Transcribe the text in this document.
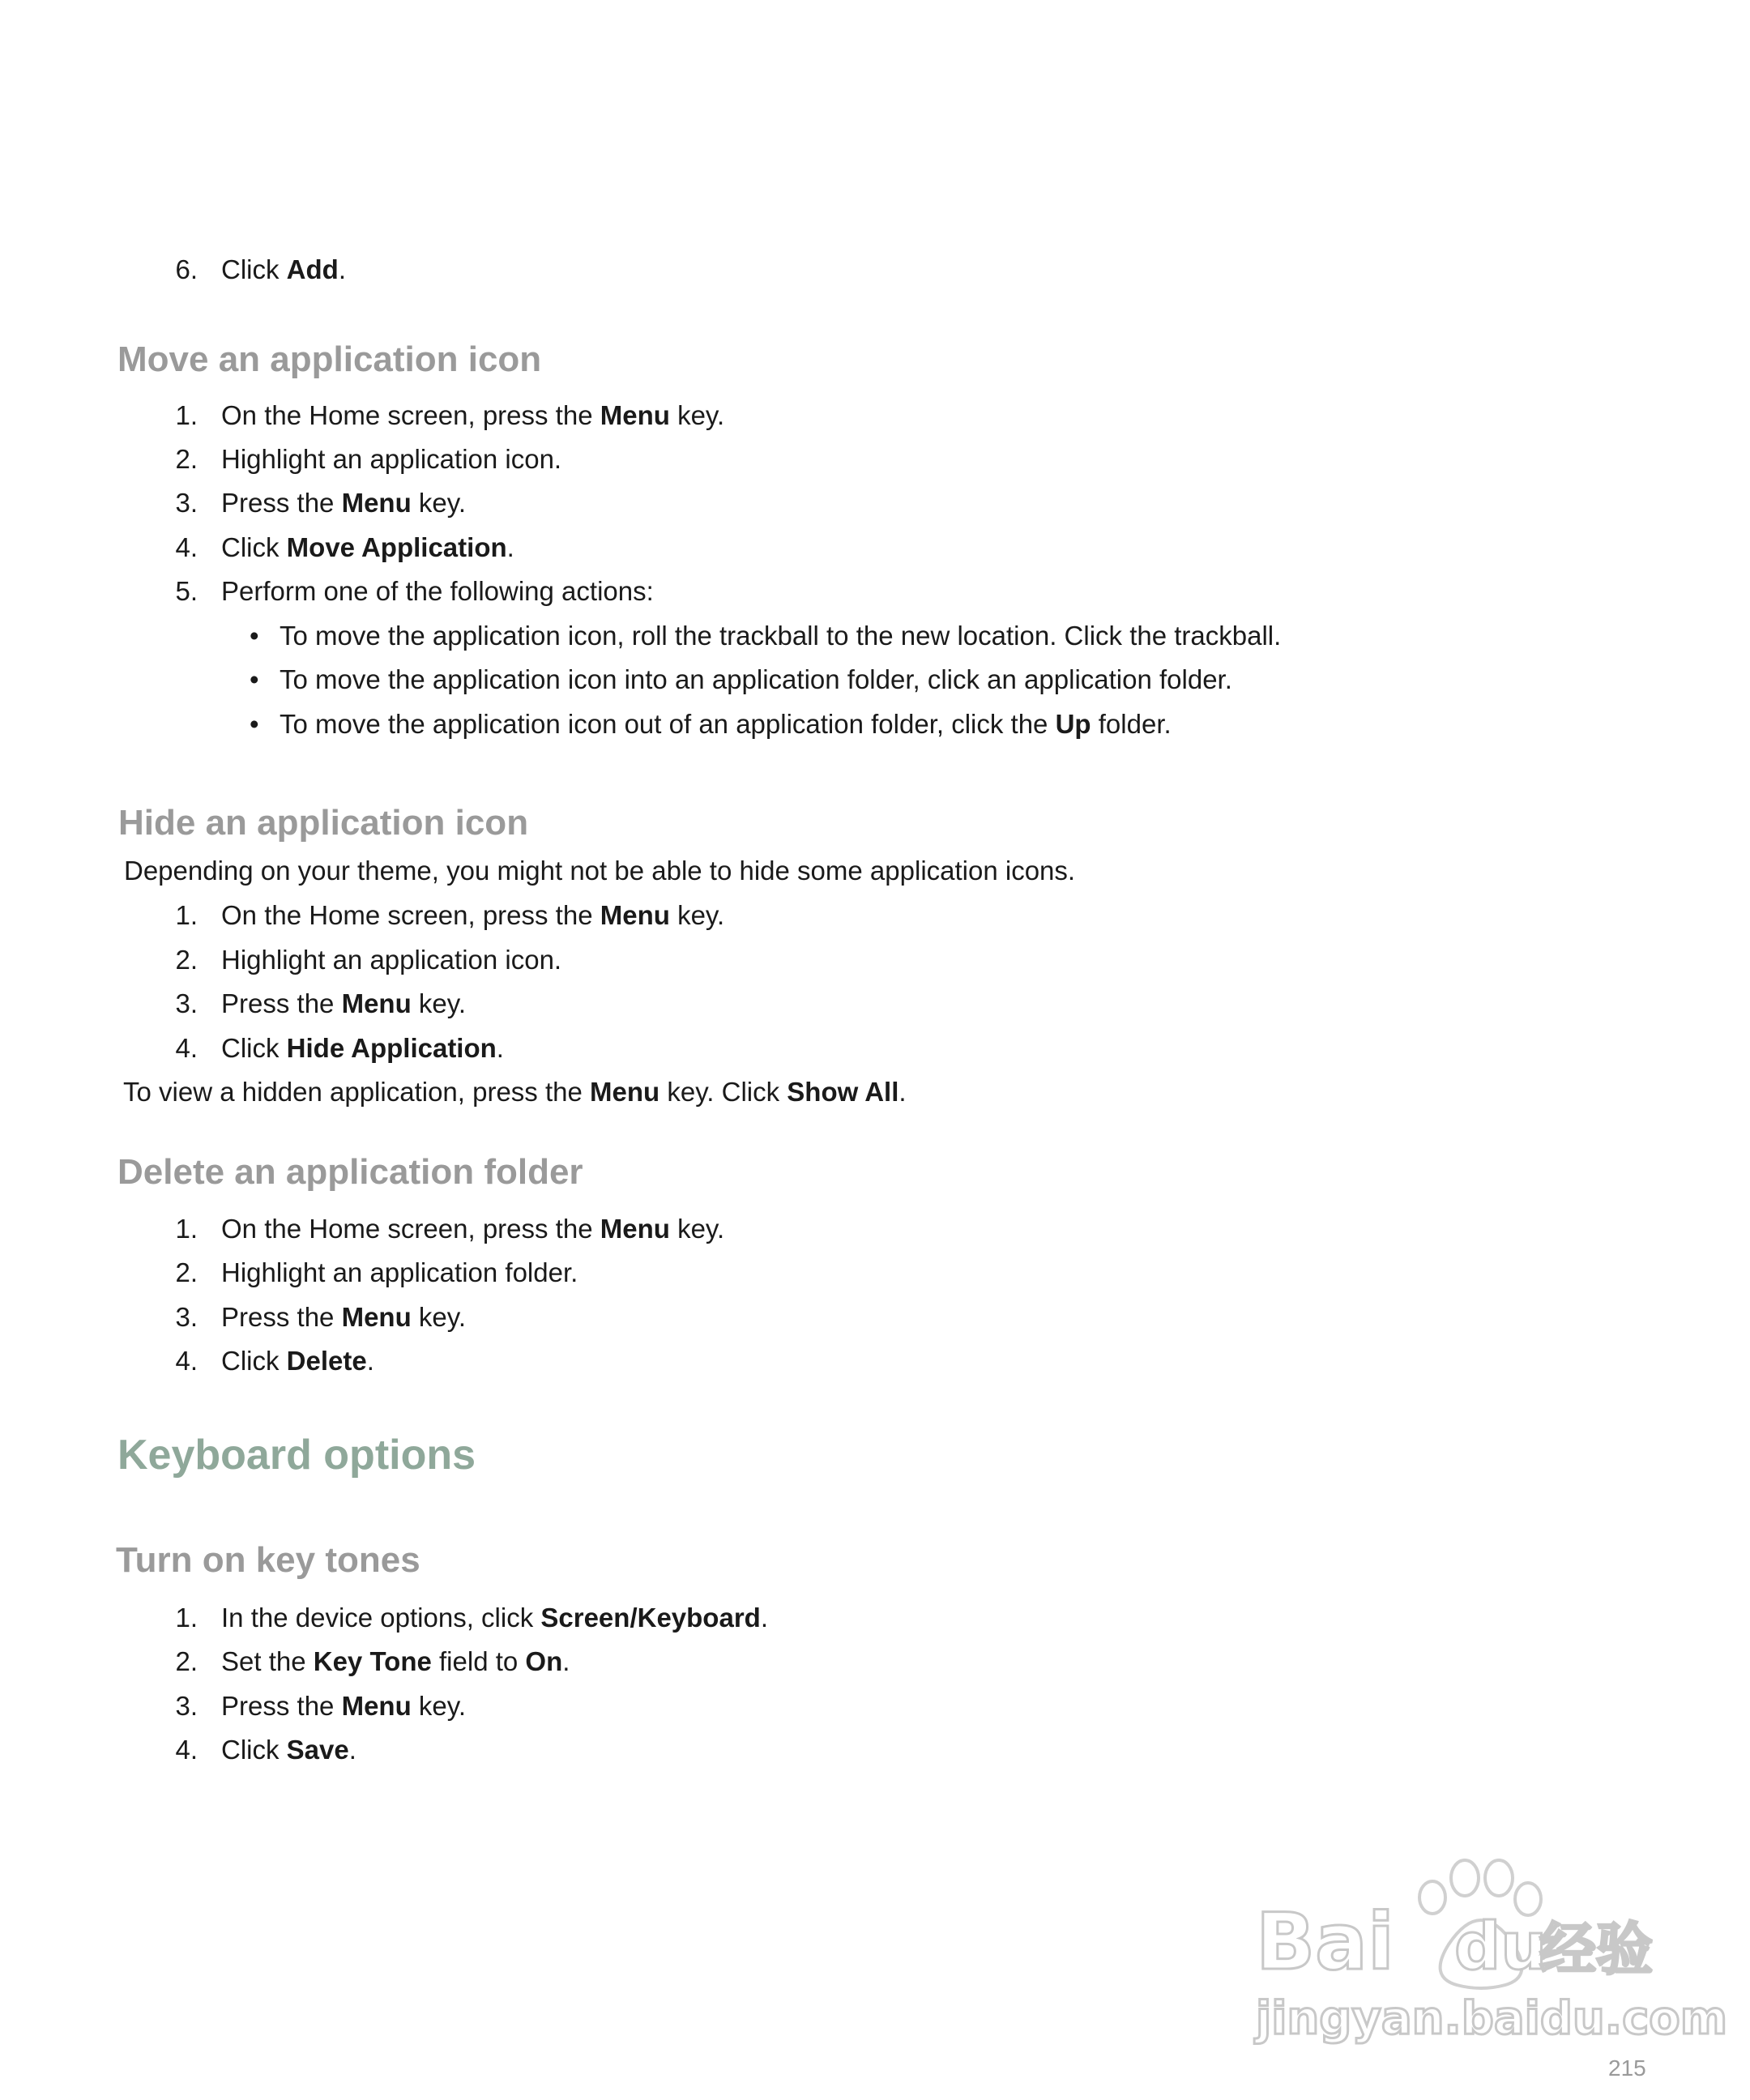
6. Click Add.
Move an application icon
1. On the Home screen, press the Menu key.
2. Highlight an application icon.
3. Press the Menu key.
4. Click Move Application.
5. Perform one of the following actions:
• To move the application icon, roll the trackball to the new location. Click the trackball.
• To move the application icon into an application folder, click an application folder.
• To move the application icon out of an application folder, click the Up folder.
Hide an application icon
Depending on your theme, you might not be able to hide some application icons.
1. On the Home screen, press the Menu key.
2. Highlight an application icon.
3. Press the Menu key.
4. Click Hide Application.
To view a hidden application, press the Menu key. Click Show All.
Delete an application folder
1. On the Home screen, press the Menu key.
2. Highlight an application folder.
3. Press the Menu key.
4. Click Delete.
Keyboard options
Turn on key tones
1. In the device options, click Screen/Keyboard.
2. Set the Key Tone field to On.
3. Press the Menu key.
4. Click Save.
Bai du
经验
jingyan.baidu.com
215
